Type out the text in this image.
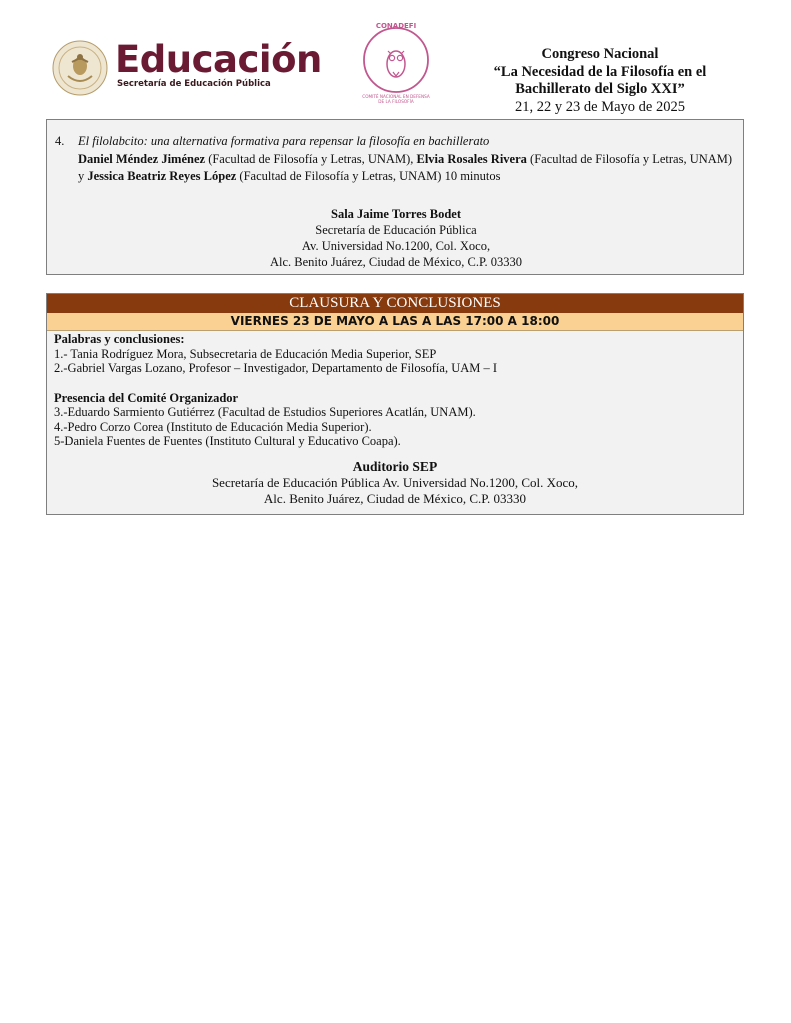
Educación
Secretaría de Educación Pública
CONADEFI
COMITÉ NACIONAL EN DEFENSA
DE LA FILOSOFÍA
Congreso Nacional
“La Necesidad de la Filosofía en el
Bachillerato del Siglo XXI”
21, 22 y 23 de Mayo de 2025
4. El filolabcito: una alternativa formativa para repensar la filosofía en bachillerato
Daniel Méndez Jiménez (Facultad de Filosofía y Letras, UNAM), Elvia Rosales Rivera (Facultad de Filosofía y Letras, UNAM) y Jessica Beatriz Reyes López (Facultad de Filosofía y Letras, UNAM) 10 minutos
Sala Jaime Torres Bodet
Secretaría de Educación Pública
Av. Universidad No.1200, Col. Xoco,
Alc. Benito Juárez, Ciudad de México, C.P. 03330
CLAUSURA Y CONCLUSIONES
VIERNES 23 DE MAYO A LAS A LAS 17:00 A 18:00
Palabras y conclusiones:
1.- Tania Rodríguez Mora, Subsecretaria de Educación Media Superior, SEP
2.-Gabriel Vargas Lozano, Profesor – Investigador, Departamento de Filosofía, UAM – I
Presencia del Comité Organizador
3.-Eduardo Sarmiento Gutiérrez (Facultad de Estudios Superiores Acatlán, UNAM).
4.-Pedro Corzo Corea (Instituto de Educación Media Superior).
5-Daniela Fuentes de Fuentes (Instituto Cultural y Educativo Coapa).
Auditorio SEP
Secretaría de Educación Pública Av. Universidad No.1200, Col. Xoco,
Alc. Benito Juárez, Ciudad de México, C.P. 03330
